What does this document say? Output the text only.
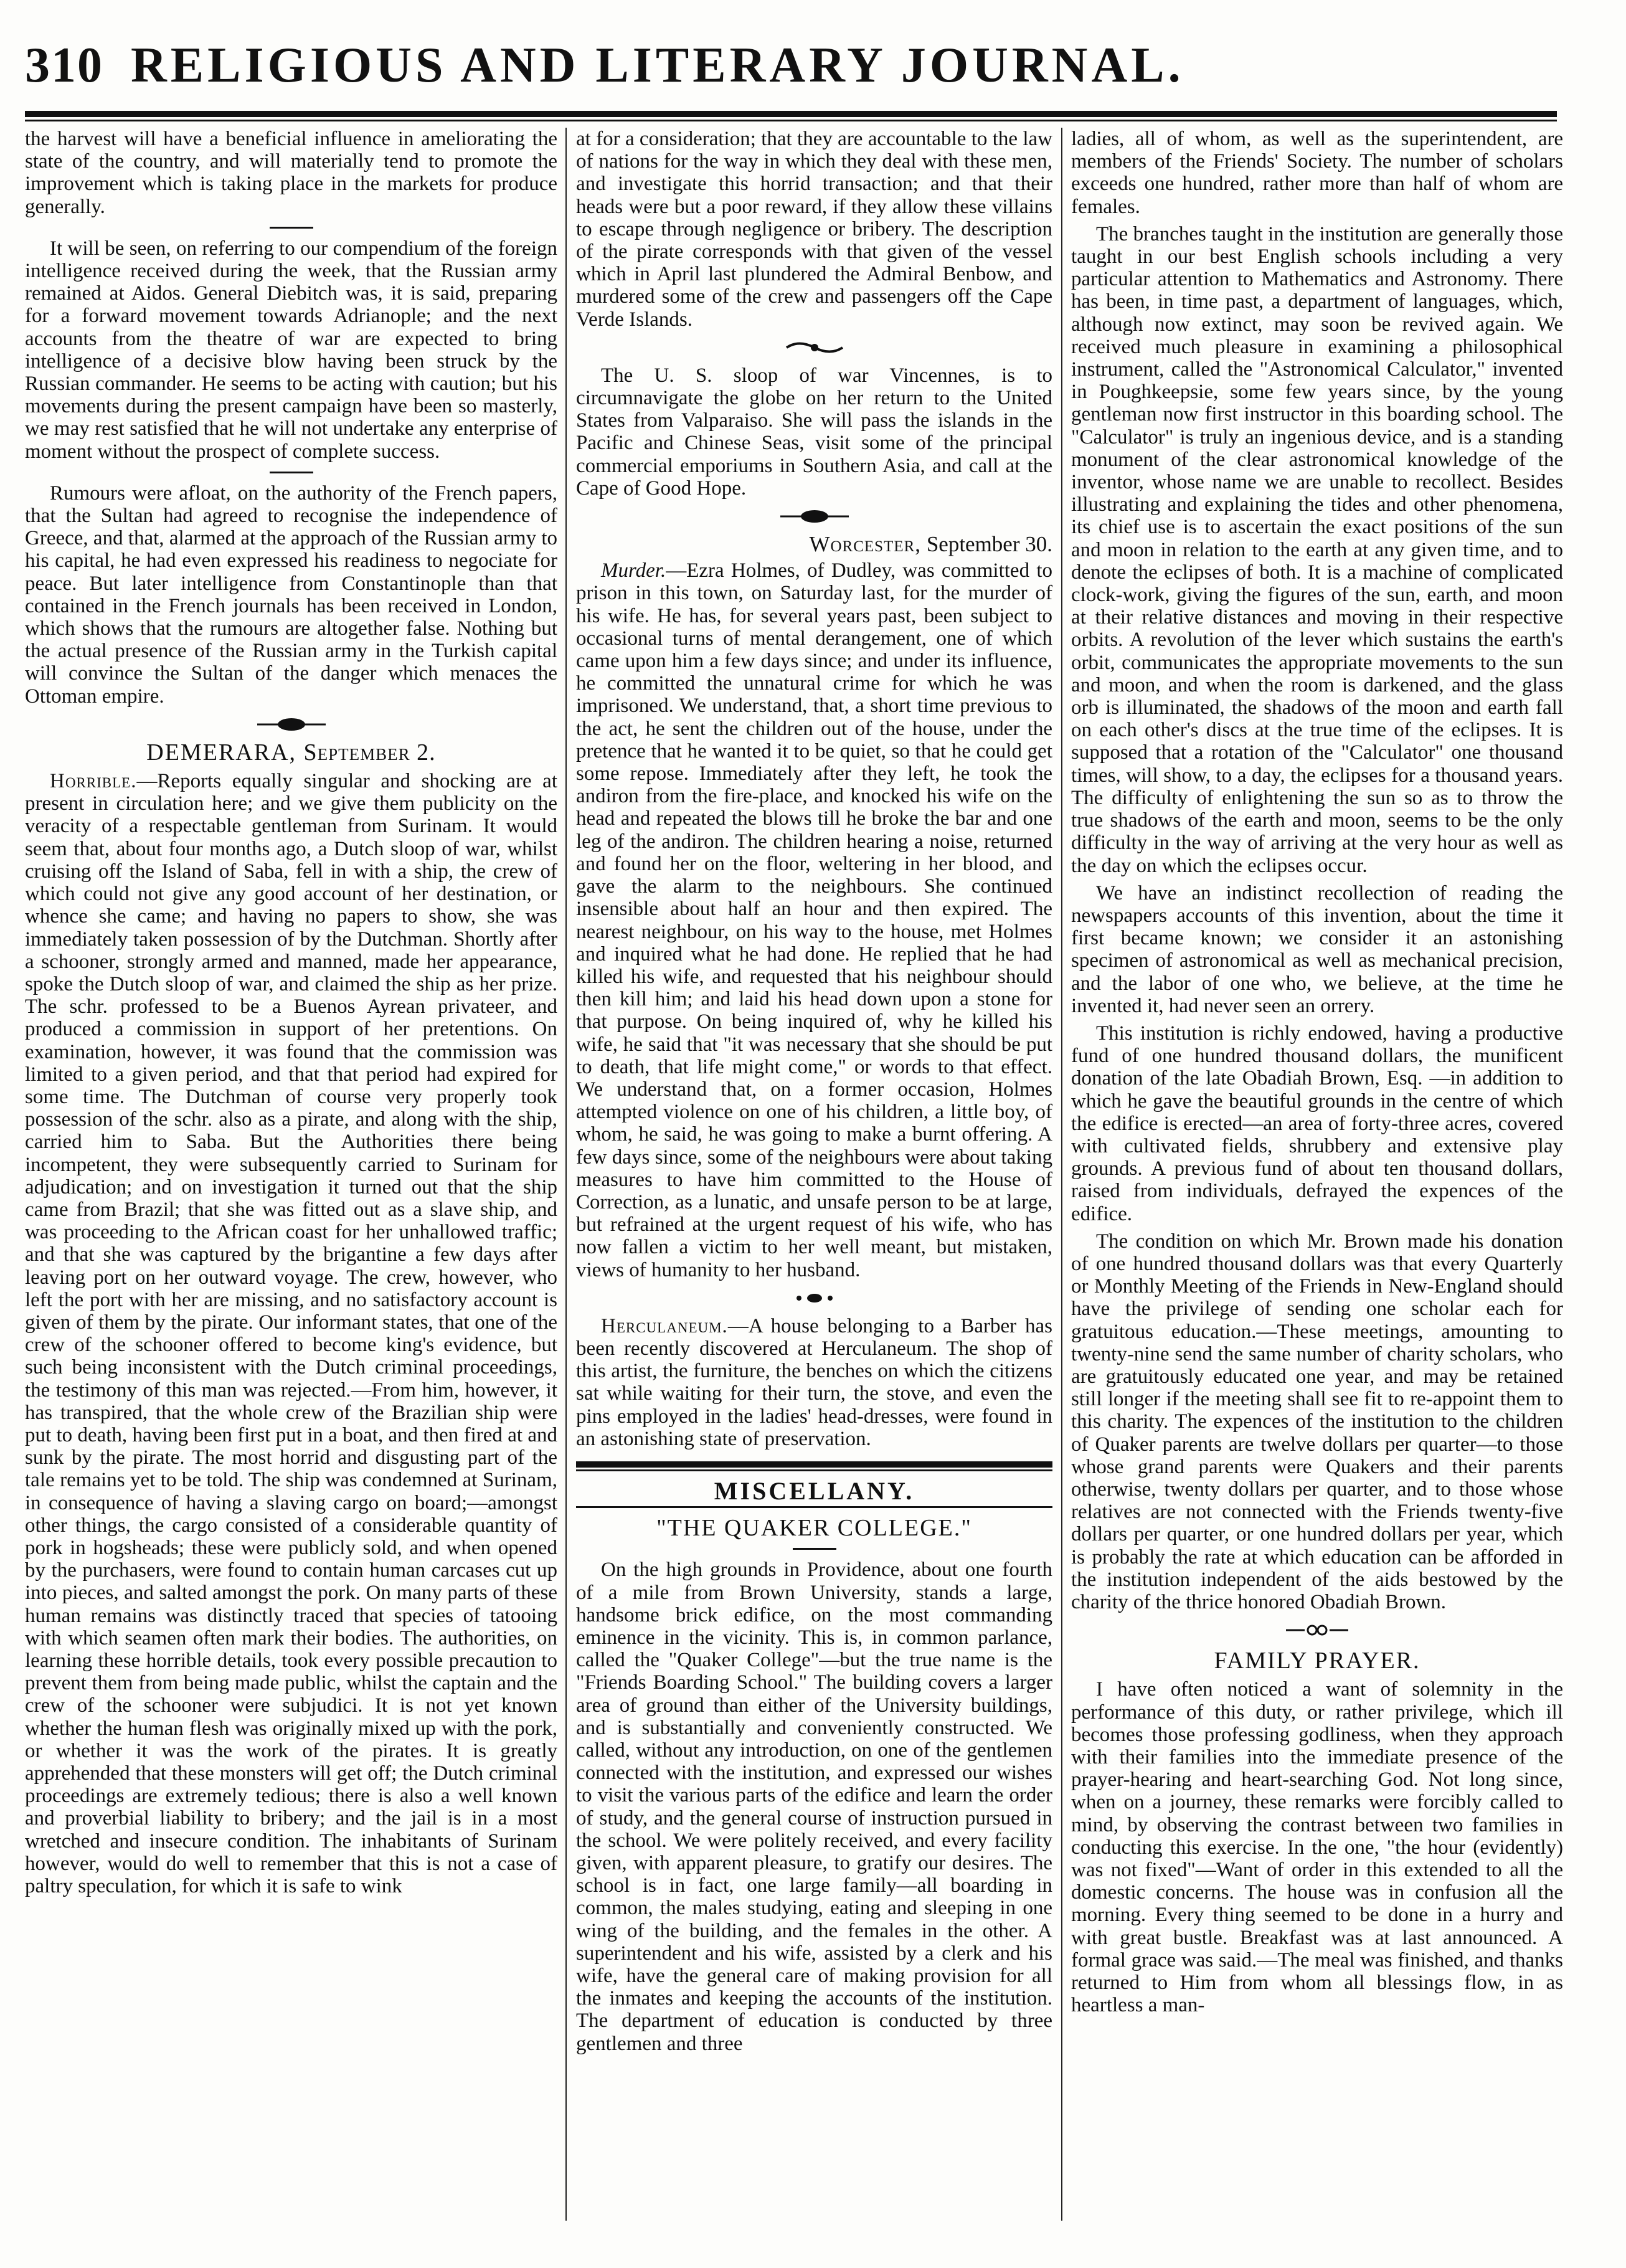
310 RELIGIOUS AND LITERARY JOURNAL.

the harvest will have a beneficial influence in ameliorating the state of the country, and will materially tend to promote the improvement which is taking place in the markets for produce generally.

It will be seen, on referring to our compendium of the foreign intelligence received during the week, that the Russian army remained at Aidos. General Diebitch was, it is said, preparing for a forward movement towards Adrianople; and the next accounts from the theatre of war are expected to bring intelligence of a decisive blow having been struck by the Russian commander. He seems to be acting with caution; but his movements during the present campaign have been so masterly, we may rest satisfied that he will not undertake any enterprise of moment without the prospect of complete success.

Rumours were afloat, on the authority of the French papers, that the Sultan had agreed to recognise the independence of Greece, and that, alarmed at the approach of the Russian army to his capital, he had even expressed his readiness to negociate for peace. But later intelligence from Constantinople than that contained in the French journals has been received in London, which shows that the rumours are altogether false. Nothing but the actual presence of the Russian army in the Turkish capital will convince the Sultan of the danger which menaces the Ottoman empire.

DEMERARA, September 2.

Horrible.—Reports equally singular and shocking are at present in circulation here; and we give them publicity on the veracity of a respectable gentleman from Surinam. It would seem that, about four months ago, a Dutch sloop of war, whilst cruising off the Island of Saba, fell in with a ship, the crew of which could not give any good account of her destination, or whence she came; and having no papers to show, she was immediately taken possession of by the Dutchman. Shortly after a schooner, strongly armed and manned, made her appearance, spoke the Dutch sloop of war, and claimed the ship as her prize. The schr. professed to be a Buenos Ayrean privateer, and produced a commission in support of her pretentions. On examination, however, it was found that the commission was limited to a given period, and that that period had expired for some time. The Dutchman of course very properly took possession of the schr. also as a pirate, and along with the ship, carried him to Saba. But the Authorities there being incompetent, they were subsequently carried to Surinam for adjudication; and on investigation it turned out that the ship came from Brazil; that she was fitted out as a slave ship, and was proceeding to the African coast for her unhallowed traffic; and that she was captured by the brigantine a few days after leaving port on her outward voyage. The crew, however, who left the port with her are missing, and no satisfactory account is given of them by the pirate. Our informant states, that one of the crew of the schooner offered to become king's evidence, but such being inconsistent with the Dutch criminal proceedings, the testimony of this man was rejected.—From him, however, it has transpired, that the whole crew of the Brazilian ship were put to death, having been first put in a boat, and then fired at and sunk by the pirate. The most horrid and disgusting part of the tale remains yet to be told. The ship was condemned at Surinam, in consequence of having a slaving cargo on board;—amongst other things, the cargo consisted of a considerable quantity of pork in hogsheads; these were publicly sold, and when opened by the purchasers, were found to contain human carcases cut up into pieces, and salted amongst the pork. On many parts of these human remains was distinctly traced that species of tatooing with which seamen often mark their bodies. The authorities, on learning these horrible details, took every possible precaution to prevent them from being made public, whilst the captain and the crew of the schooner were subjudici. It is not yet known whether the human flesh was originally mixed up with the pork, or whether it was the work of the pirates. It is greatly apprehended that these monsters will get off; the Dutch criminal proceedings are extremely tedious; there is also a well known and proverbial liability to bribery; and the jail is in a most wretched and insecure condition. The inhabitants of Surinam however, would do well to remember that this is not a case of paltry speculation, for which it is safe to wink

at for a consideration; that they are accountable to the law of nations for the way in which they deal with these men, and investigate this horrid transaction; and that their heads were but a poor reward, if they allow these villains to escape through negligence or bribery. The description of the pirate corresponds with that given of the vessel which in April last plundered the Admiral Benbow, and murdered some of the crew and passengers off the Cape Verde Islands.

The U. S. sloop of war Vincennes, is to circumnavigate the globe on her return to the United States from Valparaiso. She will pass the islands in the Pacific and Chinese Seas, visit some of the principal commercial emporiums in Southern Asia, and call at the Cape of Good Hope.

Worcester, September 30.

Murder.—Ezra Holmes, of Dudley, was committed to prison in this town, on Saturday last, for the murder of his wife. He has, for several years past, been subject to occasional turns of mental derangement, one of which came upon him a few days since; and under its influence, he committed the unnatural crime for which he was imprisoned. We understand, that, a short time previous to the act, he sent the children out of the house, under the pretence that he wanted it to be quiet, so that he could get some repose. Immediately after they left, he took the andiron from the fire-place, and knocked his wife on the head and repeated the blows till he broke the bar and one leg of the andiron. The children hearing a noise, returned and found her on the floor, weltering in her blood, and gave the alarm to the neighbours. She continued insensible about half an hour and then expired. The nearest neighbour, on his way to the house, met Holmes and inquired what he had done. He replied that he had killed his wife, and requested that his neighbour should then kill him; and laid his head down upon a stone for that purpose. On being inquired of, why he killed his wife, he said that "it was necessary that she should be put to death, that life might come," or words to that effect. We understand that, on a former occasion, Holmes attempted violence on one of his children, a little boy, of whom, he said, he was going to make a burnt offering. A few days since, some of the neighbours were about taking measures to have him committed to the House of Correction, as a lunatic, and unsafe person to be at large, but refrained at the urgent request of his wife, who has now fallen a victim to her well meant, but mistaken, views of humanity to her husband.

Herculaneum.—A house belonging to a Barber has been recently discovered at Herculaneum. The shop of this artist, the furniture, the benches on which the citizens sat while waiting for their turn, the stove, and even the pins employed in the ladies' head-dresses, were found in an astonishing state of preservation.

MISCELLANY.
"THE QUAKER COLLEGE."

On the high grounds in Providence, about one fourth of a mile from Brown University, stands a large, handsome brick edifice, on the most commanding eminence in the vicinity. This is, in common parlance, called the "Quaker College"—but the true name is the "Friends Boarding School." The building covers a larger area of ground than either of the University buildings, and is substantially and conveniently constructed. We called, without any introduction, on one of the gentlemen connected with the institution, and expressed our wishes to visit the various parts of the edifice and learn the order of study, and the general course of instruction pursued in the school. We were politely received, and every facility given, with apparent pleasure, to gratify our desires. The school is in fact, one large family—all boarding in common, the males studying, eating and sleeping in one wing of the building, and the females in the other. A superintendent and his wife, assisted by a clerk and his wife, have the general care of making provision for all the inmates and keeping the accounts of the institution. The department of education is conducted by three gentlemen and three

ladies, all of whom, as well as the superintendent, are members of the Friends' Society. The number of scholars exceeds one hundred, rather more than half of whom are females.

The branches taught in the institution are generally those taught in our best English schools including a very particular attention to Mathematics and Astronomy. There has been, in time past, a department of languages, which, although now extinct, may soon be revived again. We received much pleasure in examining a philosophical instrument, called the "Astronomical Calculator," invented in Poughkeepsie, some few years since, by the young gentleman now first instructor in this boarding school. The "Calculator" is truly an ingenious device, and is a standing monument of the clear astronomical knowledge of the inventor, whose name we are unable to recollect. Besides illustrating and explaining the tides and other phenomena, its chief use is to ascertain the exact positions of the sun and moon in relation to the earth at any given time, and to denote the eclipses of both. It is a machine of complicated clock-work, giving the figures of the sun, earth, and moon at their relative distances and moving in their respective orbits. A revolution of the lever which sustains the earth's orbit, communicates the appropriate movements to the sun and moon, and when the room is darkened, and the glass orb is illuminated, the shadows of the moon and earth fall on each other's discs at the true time of the eclipses. It is supposed that a rotation of the "Calculator" one thousand times, will show, to a day, the eclipses for a thousand years. The difficulty of enlightening the sun so as to throw the true shadows of the earth and moon, seems to be the only difficulty in the way of arriving at the very hour as well as the day on which the eclipses occur.

We have an indistinct recollection of reading the newspapers accounts of this invention, about the time it first became known; we consider it an astonishing specimen of astronomical as well as mechanical precision, and the labor of one who, we believe, at the time he invented it, had never seen an orrery.

This institution is richly endowed, having a productive fund of one hundred thousand dollars, the munificent donation of the late Obadiah Brown, Esq. —in addition to which he gave the beautiful grounds in the centre of which the edifice is erected—an area of forty-three acres, covered with cultivated fields, shrubbery and extensive play grounds. A previous fund of about ten thousand dollars, raised from individuals, defrayed the expences of the edifice.

The condition on which Mr. Brown made his donation of one hundred thousand dollars was that every Quarterly or Monthly Meeting of the Friends in New-England should have the privilege of sending one scholar each for gratuitous education.—These meetings, amounting to twenty-nine send the same number of charity scholars, who are gratuitously educated one year, and may be retained still longer if the meeting shall see fit to re-appoint them to this charity. The expences of the institution to the children of Quaker parents are twelve dollars per quarter—to those whose grand parents were Quakers and their parents otherwise, twenty dollars per quarter, and to those whose relatives are not connected with the Friends twenty-five dollars per quarter, or one hundred dollars per year, which is probably the rate at which education can be afforded in the institution independent of the aids bestowed by the charity of the thrice honored Obadiah Brown.

FAMILY PRAYER.

I have often noticed a want of solemnity in the performance of this duty, or rather privilege, which ill becomes those professing godliness, when they approach with their families into the immediate presence of the prayer-hearing and heart-searching God. Not long since, when on a journey, these remarks were forcibly called to mind, by observing the contrast between two families in conducting this exercise. In the one, "the hour (evidently) was not fixed"—Want of order in this extended to all the domestic concerns. The house was in confusion all the morning. Every thing seemed to be done in a hurry and with great bustle. Breakfast was at last announced. A formal grace was said.—The meal was finished, and thanks returned to Him from whom all blessings flow, in as heartless a man-
